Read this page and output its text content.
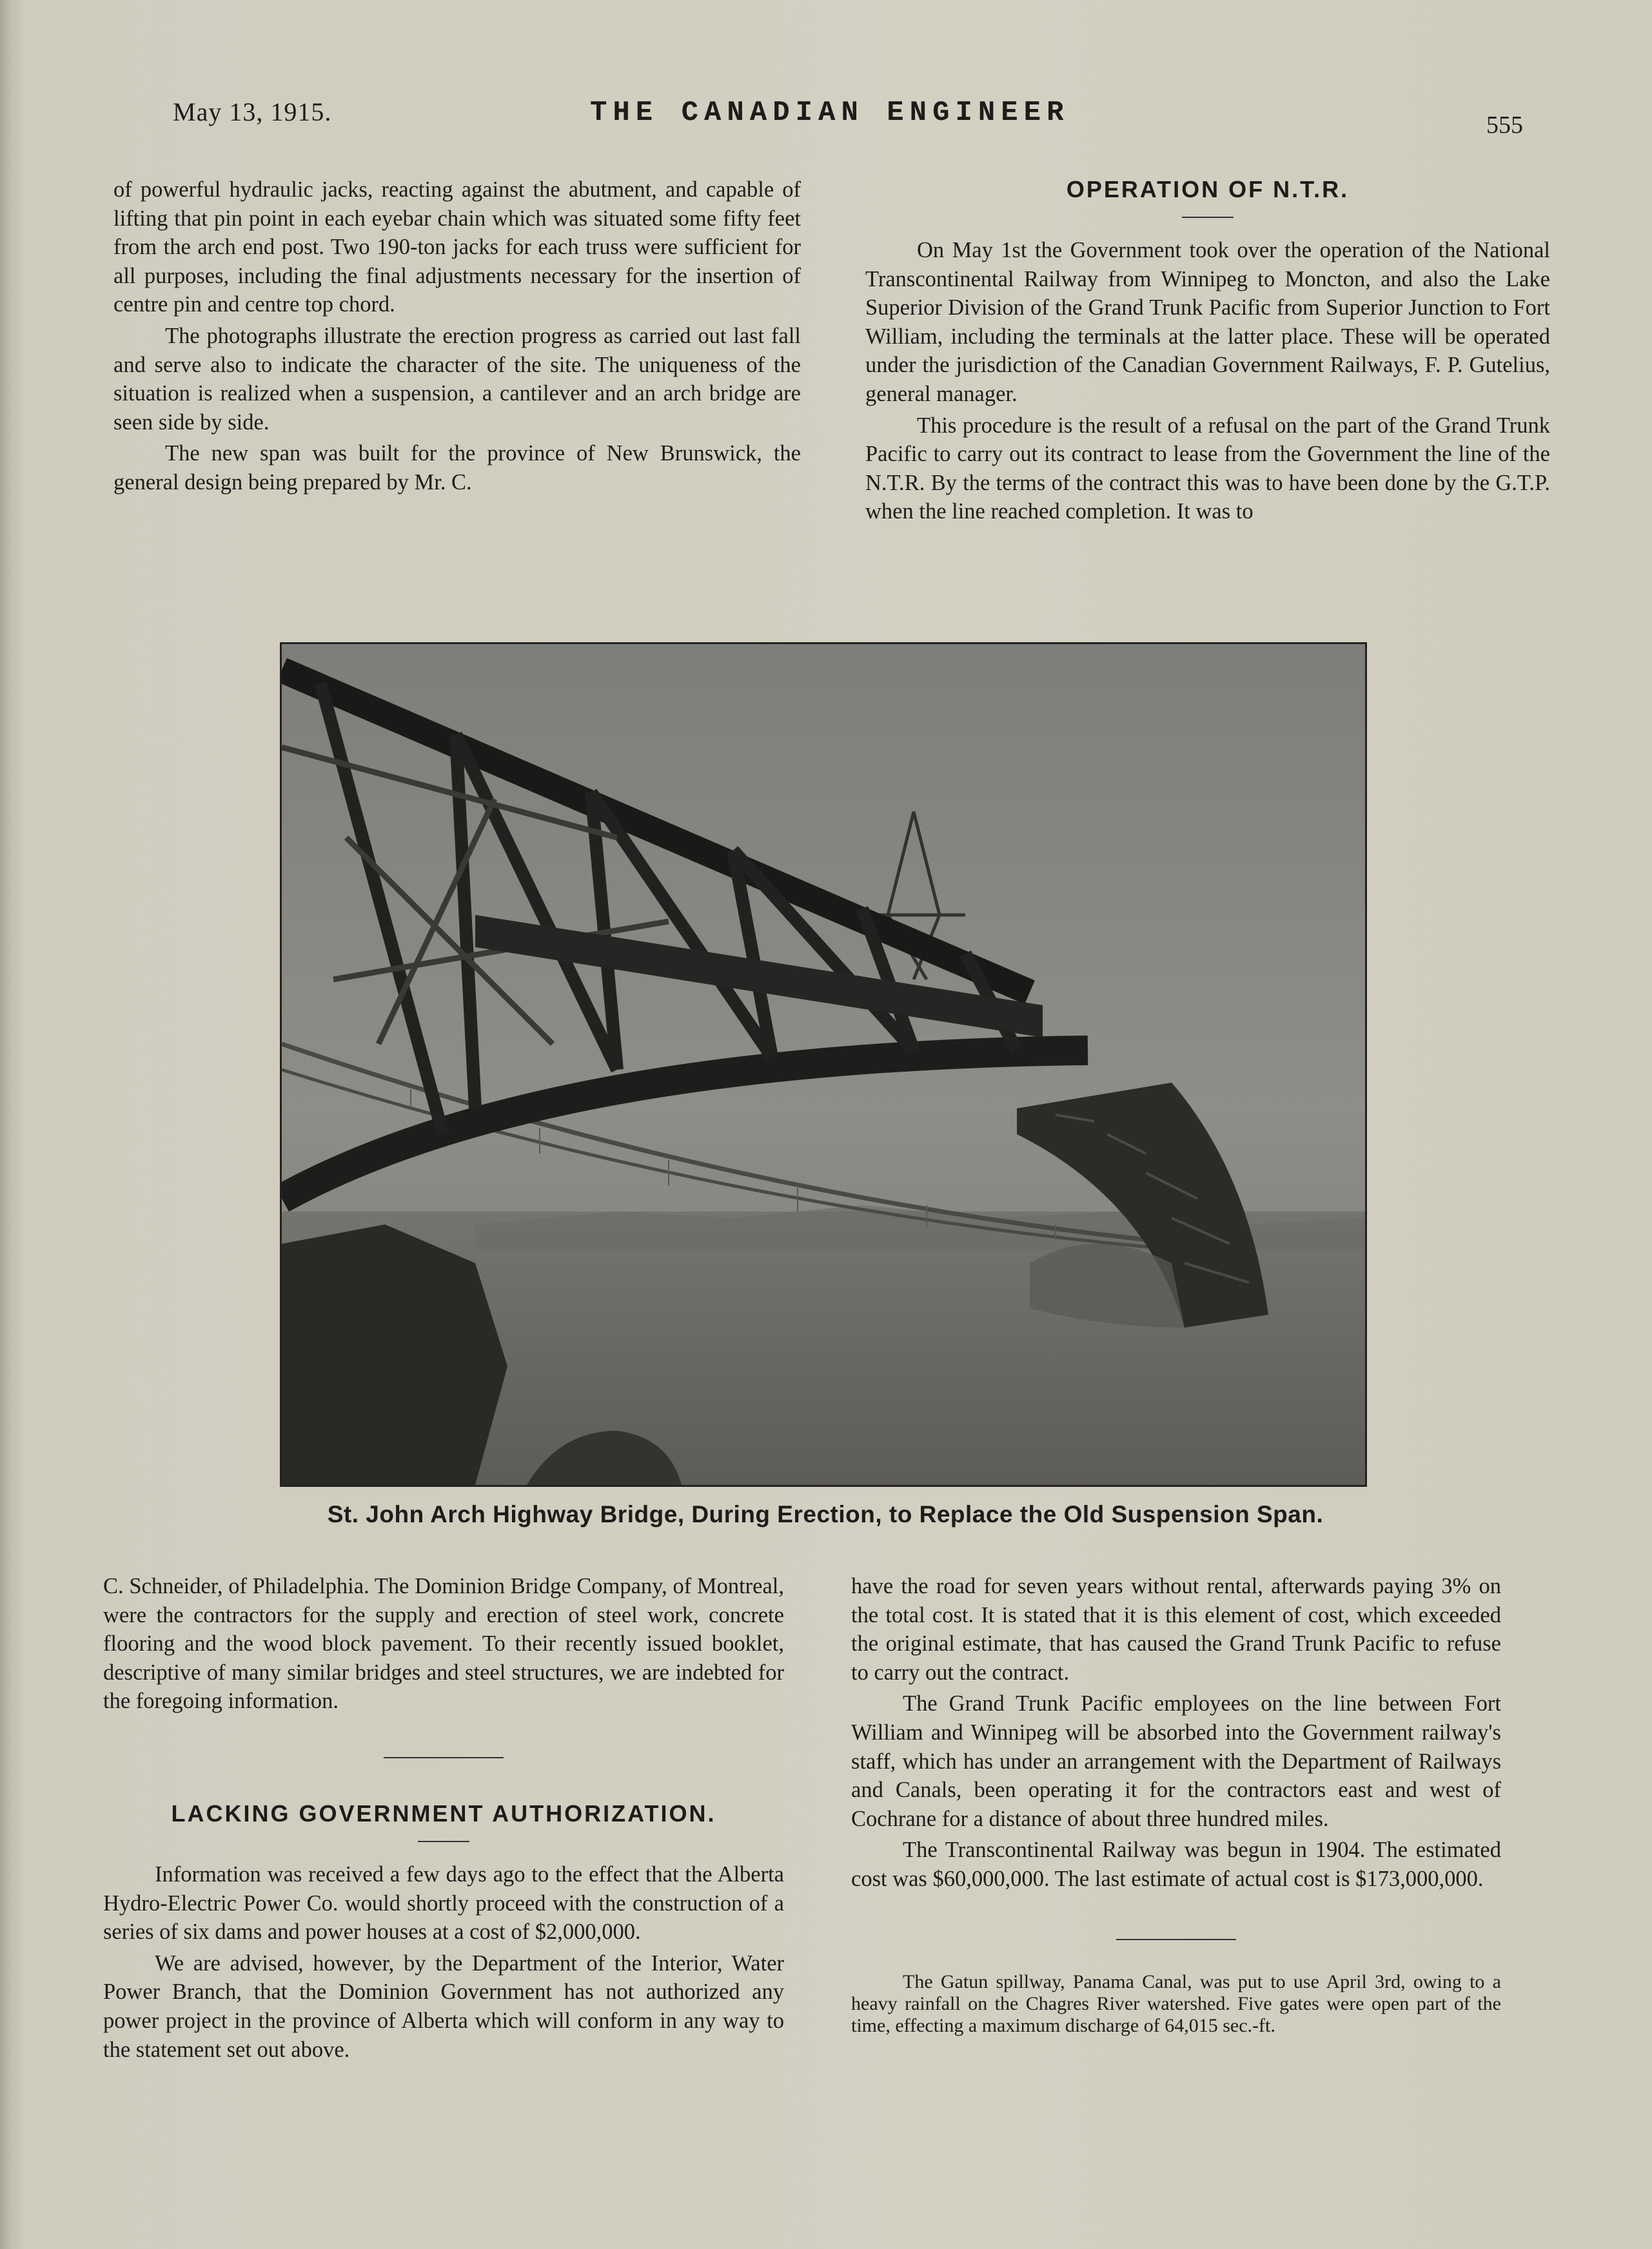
May 13, 1915.	THE CANADIAN ENGINEER	555

of powerful hydraulic jacks, reacting against the abutment, and capable of lifting that pin point in each eyebar chain which was situated some fifty feet from the arch end post. Two 190-ton jacks for each truss were sufficient for all purposes, including the final adjustments necessary for the insertion of centre pin and centre top chord.

The photographs illustrate the erection progress as carried out last fall and serve also to indicate the character of the site. The uniqueness of the situation is realized when a suspension, a cantilever and an arch bridge are seen side by side.

The new span was built for the province of New Brunswick, the general design being prepared by Mr. C.

OPERATION OF N.T.R.

On May 1st the Government took over the operation of the National Transcontinental Railway from Winnipeg to Moncton, and also the Lake Superior Division of the Grand Trunk Pacific from Superior Junction to Fort William, including the terminals at the latter place. These will be operated under the jurisdiction of the Canadian Government Railways, F. P. Gutelius, general manager.

This procedure is the result of a refusal on the part of the Grand Trunk Pacific to carry out its contract to lease from the Government the line of the N.T.R. By the terms of the contract this was to have been done by the G.T.P. when the line reached completion. It was to

St. John Arch Highway Bridge, During Erection, to Replace the Old Suspension Span.

C. Schneider, of Philadelphia. The Dominion Bridge Company, of Montreal, were the contractors for the supply and erection of steel work, concrete flooring and the wood block pavement. To their recently issued booklet, descriptive of many similar bridges and steel structures, we are indebted for the foregoing information.

LACKING GOVERNMENT AUTHORIZATION.

Information was received a few days ago to the effect that the Alberta Hydro-Electric Power Co. would shortly proceed with the construction of a series of six dams and power houses at a cost of $2,000,000.

We are advised, however, by the Department of the Interior, Water Power Branch, that the Dominion Government has not authorized any power project in the province of Alberta which will conform in any way to the statement set out above.

have the road for seven years without rental, afterwards paying 3% on the total cost. It is stated that it is this element of cost, which exceeded the original estimate, that has caused the Grand Trunk Pacific to refuse to carry out the contract.

The Grand Trunk Pacific employees on the line between Fort William and Winnipeg will be absorbed into the Government railway's staff, which has under an arrangement with the Department of Railways and Canals, been operating it for the contractors east and west of Cochrane for a distance of about three hundred miles.

The Transcontinental Railway was begun in 1904. The estimated cost was $60,000,000. The last estimate of actual cost is $173,000,000.

The Gatun spillway, Panama Canal, was put to use April 3rd, owing to a heavy rainfall on the Chagres River watershed. Five gates were open part of the time, effecting a maximum discharge of 64,015 sec.-ft.
